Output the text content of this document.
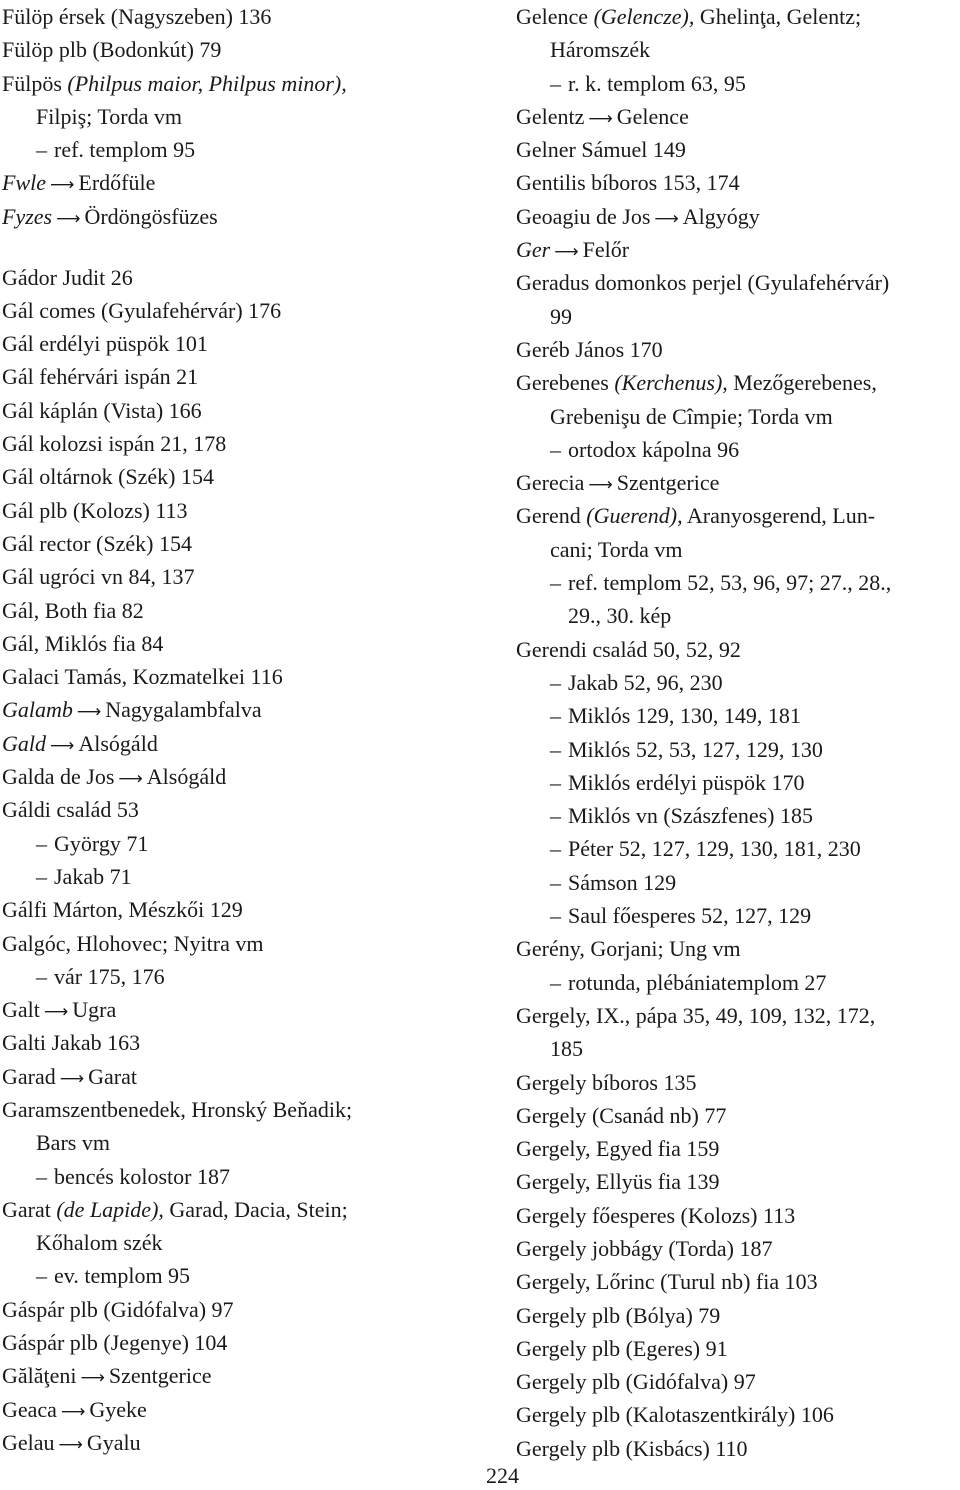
Fülöp érsek (Nagyszeben) 136
Fülöp plb (Bodonkút) 79
Fülpös (Philpus maior, Philpus minor),
Filpiş; Torda vm
– ref. templom 95
Fwle ⟶ Erdőfüle
Fyzes ⟶ Ördöngösfüzes
Gádor Judit 26
Gál comes (Gyulafehérvár) 176
Gál erdélyi püspök 101
Gál fehérvári ispán 21
Gál káplán (Vista) 166
Gál kolozsi ispán 21, 178
Gál oltárnok (Szék) 154
Gál plb (Kolozs) 113
Gál rector (Szék) 154
Gál ugróci vn 84, 137
Gál, Both fia 82
Gál, Miklós fia 84
Galaci Tamás, Kozmatelkei 116
Galamb ⟶ Nagygalambfalva
Gald ⟶ Alsógáld
Galda de Jos ⟶ Alsógáld
Gáldi család 53
– György 71
– Jakab 71
Gálfi Márton, Mészkői 129
Galgóc, Hlohovec; Nyitra vm
– vár 175, 176
Galt ⟶ Ugra
Galti Jakab 163
Garad ⟶ Garat
Garamszentbenedek, Hronský Beňadik;
Bars vm
– bencés kolostor 187
Garat (de Lapide), Garad, Dacia, Stein;
Kőhalom szék
– ev. templom 95
Gáspár plb (Gidófalva) 97
Gáspár plb (Jegenye) 104
Gălăţeni ⟶ Szentgerice
Geaca ⟶ Gyeke
Gelau ⟶ Gyalu
Gelence (Gelencze), Ghelinţa, Gelentz;
Háromszék
– r. k. templom 63, 95
Gelentz ⟶ Gelence
Gelner Sámuel 149
Gentilis bíboros 153, 174
Geoagiu de Jos ⟶ Algyógy
Ger ⟶ Felőr
Geradus domonkos perjel (Gyulafehérvár)
99
Geréb János 170
Gerebenes (Kerchenus), Mezőgerebenes,
Grebenişu de Cîmpie; Torda vm
– ortodox kápolna 96
Gerecia ⟶ Szentgerice
Gerend (Guerend), Aranyosgerend, Lun-
cani; Torda vm
– ref. templom 52, 53, 96, 97; 27., 28.,
29., 30. kép
Gerendi család 50, 52, 92
– Jakab 52, 96, 230
– Miklós 129, 130, 149, 181
– Miklós 52, 53, 127, 129, 130
– Miklós erdélyi püspök 170
– Miklós vn (Szászfenes) 185
– Péter 52, 127, 129, 130, 181, 230
– Sámson 129
– Saul főesperes 52, 127, 129
Gerény, Gorjani; Ung vm
– rotunda, plébániatemplom 27
Gergely, IX., pápa 35, 49, 109, 132, 172,
185
Gergely bíboros 135
Gergely (Csanád nb) 77
Gergely, Egyed fia 159
Gergely, Ellyüs fia 139
Gergely főesperes (Kolozs) 113
Gergely jobbágy (Torda) 187
Gergely, Lőrinc (Turul nb) fia 103
Gergely plb (Bólya) 79
Gergely plb (Egeres) 91
Gergely plb (Gidófalva) 97
Gergely plb (Kalotaszentkirály) 106
Gergely plb (Kisbács) 110
224
